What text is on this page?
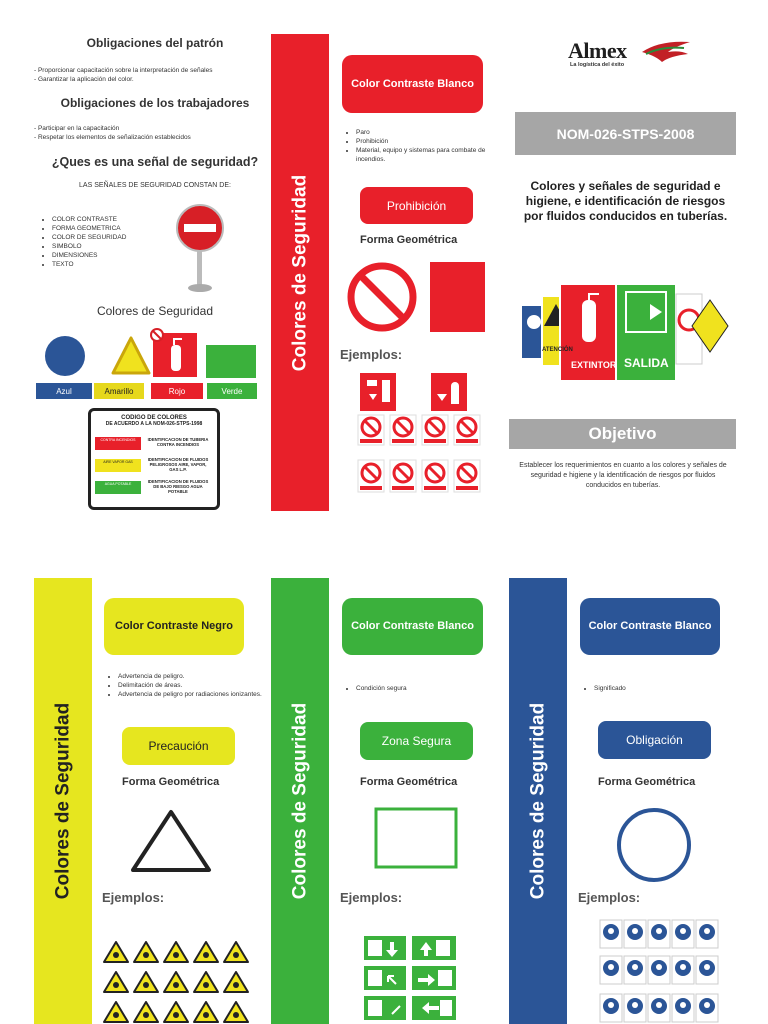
Obligaciones del patrón
- Proporcionar capacitación sobre la interpretación de señales
- Garantizar la aplicación del color.
Obligaciones de los trabajadores
- Participar en la capacitación
- Respetar los elementos de señalización establecidos
¿Ques es una señal de seguridad?
LAS SEÑALES DE SEGURIDAD CONSTAN DE:
• COLOR CONTRASTE
• FORMA GEOMETRICA
• COLOR DE SEGURIDAD
• SIMBOLO
• DIMENSIONES
• TEXTO
Colores de Seguridad
Azul	Amarillo	Rojo	Verde
CODIGO DE COLORES
DE ACUERDO A LA NOM-026-STPS-1998
CONTRA INCENDIOS	IDENTIFICACION DE TUBERIA CONTRA INCENDIOS
AIRE VAPOR GAS	IDENTIFICACION DE FLUIDOS PELIGROSOS AIRE, VAPOR, GAS L.P.
AGUA POTABLE	IDENTIFICACION DE FLUIDOS DE BAJO RIESGO AGUA POTABLE
Colores de Seguridad
Color Contraste Blanco
• Paro
• Prohibición
• Material, equipo y sistemas para combate de incendios.
Prohibición
Forma Geométrica
Ejemplos:
Almex
La logística del éxito
NOM-026-STPS-2008
Colores y señales de seguridad e higiene, e identificación de riesgos por fluidos conducidos en tuberías.
ATENCIÓN
EXTINTOR SALIDA
Objetivo
Establecer los requerimientos en cuanto a los colores y señales de seguridad e higiene y la identificación de riesgos por fluidos conducidos en tuberías.
Colores de Seguridad
Color Contraste Negro
• Advertencia de peligro.
• Delimitación de áreas.
• Advertencia de peligro por radiaciones ionizantes.
Precaución
Forma Geométrica
Ejemplos:	Colores de Seguridad
Color Contraste Blanco
• Condición segura
Zona Segura
Forma Geométrica
Ejemplos:	Colores de Seguridad
Color Contraste Blanco
• Significado
Obligación
Forma Geométrica
Ejemplos:
